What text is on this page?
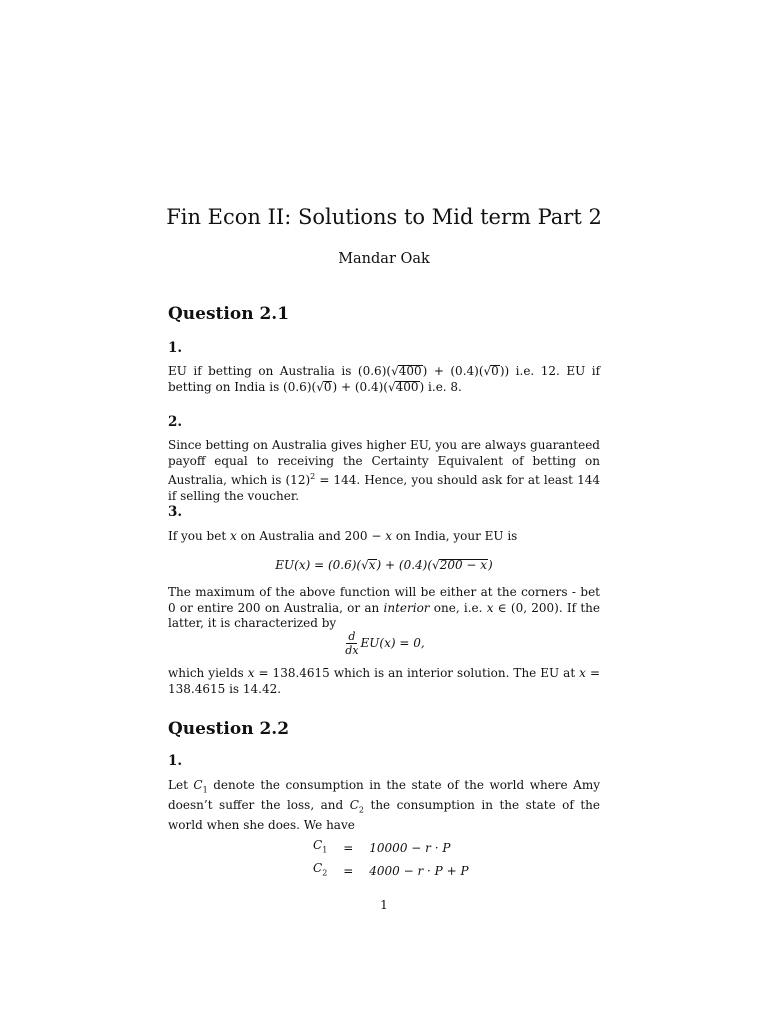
Fin Econ II: Solutions to Mid term Part 2
Mandar Oak
Question 2.1
1.
EU if betting on Australia is (0.6)(√400) + (0.4)(√0)) i.e. 12. EU if betting on India is (0.6)(√0) + (0.4)(√400) i.e. 8.
2.
Since betting on Australia gives higher EU, you are always guaranteed payoff equal to receiving the Certainty Equivalent of betting on Australia, which is $(12)^2 = 144$. Hence, you should ask for at least 144 if selling the voucher.
3.
If you bet x on Australia and 200 − x on India, your EU is
EU(x) = (0.6)(√x) + (0.4)(√200 − x)
The maximum of the above function will be either at the corners - bet 0 or entire 200 on Australia, or an interior one, i.e. x ∈ (0, 200). If the latter, it is characterized by
$\frac{d}{dx} EU(x) = 0$,
which yields x = 138.4615 which is an interior solution. The EU at x = 138.4615 is 14.42.
Question 2.2
1.
Let $C_1$ denote the consumption in the state of the world where Amy doesn’t suffer the loss, and $C_2$ the consumption in the state of the world when she does. We have
$C_1$	=	10000 − r · P
$C_2$	=	4000 − r · P + P
1
